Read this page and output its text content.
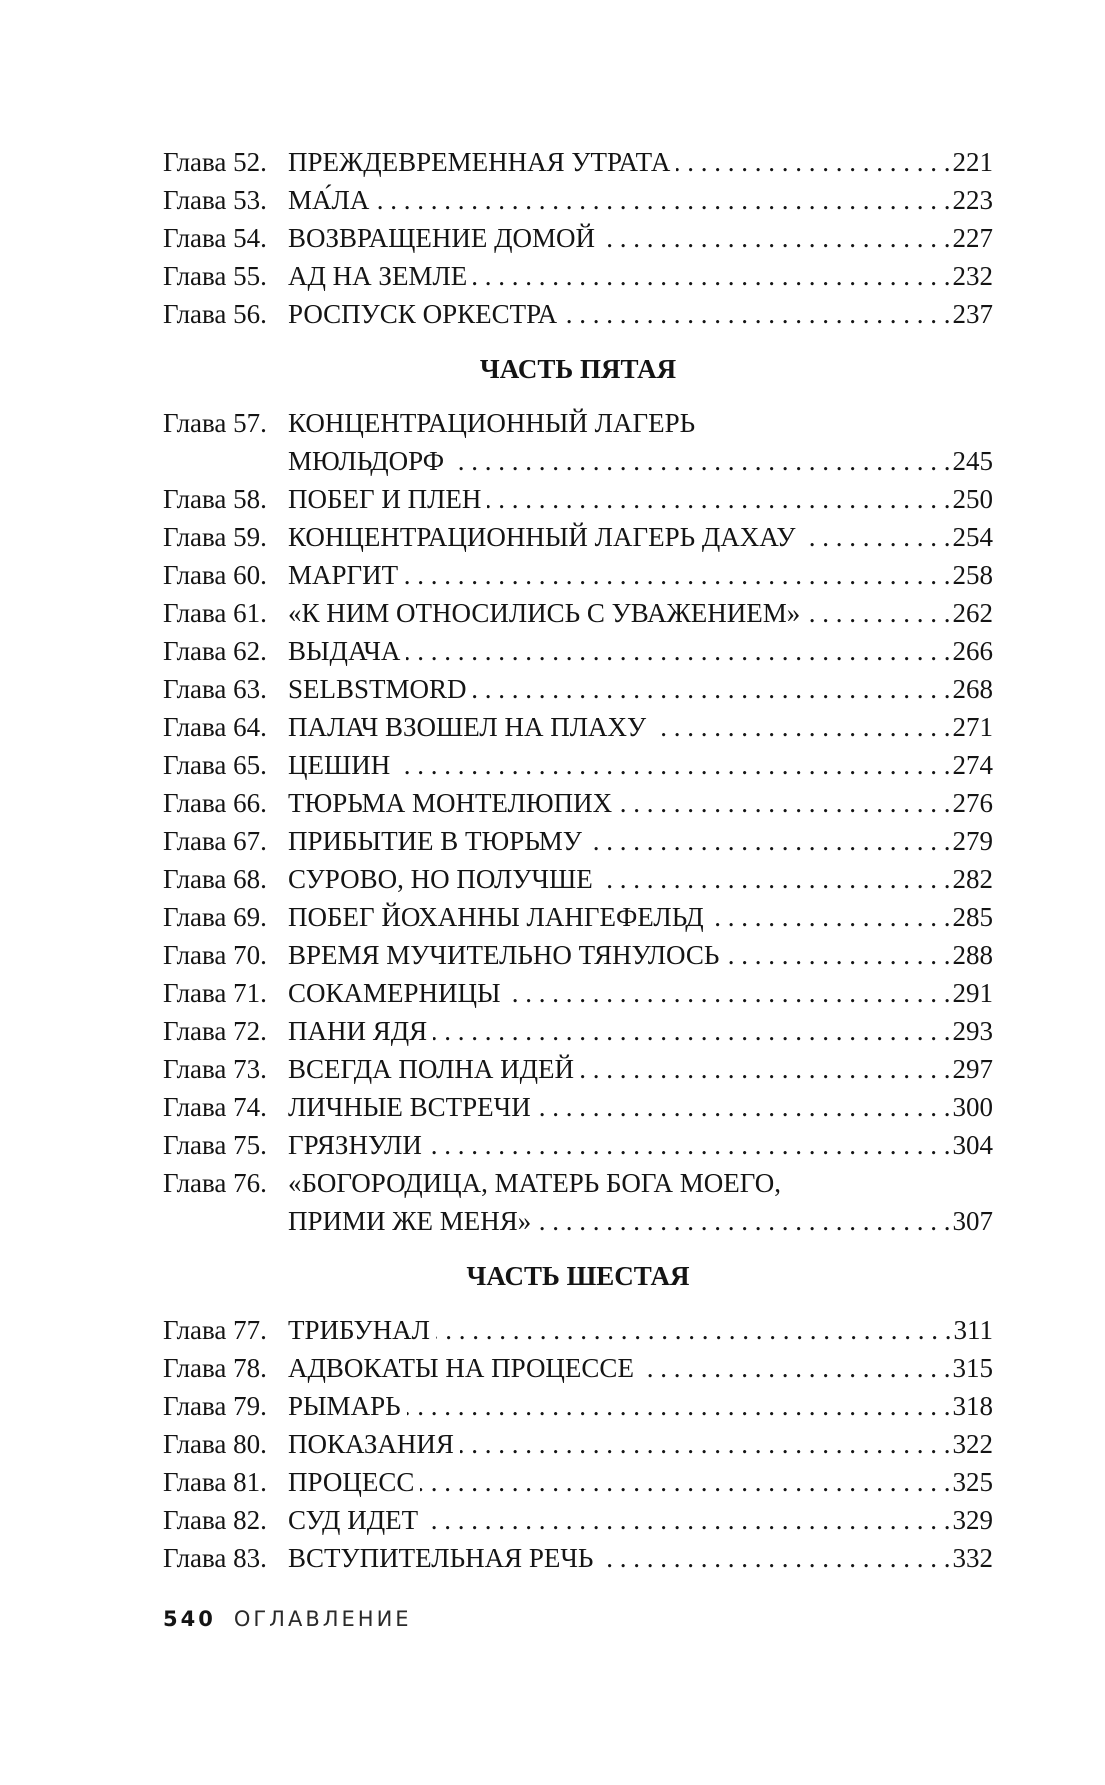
Глава 52. ПРЕЖДЕВРЕМЕННАЯ УТРАТА . . .	221
Глава 53. МА́ЛА . . .	223
Глава 54. ВОЗВРАЩЕНИЕ ДОМОЙ . . .	227
Глава 55. АД НА ЗЕМЛЕ . . .	232
Глава 56. РОСПУСК ОРКЕСТРА . . .	237
ЧАСТЬ ПЯТАЯ
Глава 57. КОНЦЕНТРАЦИОННЫЙ ЛАГЕРЬ
МЮЛЬДОРФ . . .	245
Глава 58. ПОБЕГ И ПЛЕН . . .	250
Глава 59. КОНЦЕНТРАЦИОННЫЙ ЛАГЕРЬ ДАХАУ . . .	254
Глава 60. МАРГИТ . . .	258
Глава 61. «К НИМ ОТНОСИЛИСЬ С УВАЖЕНИЕМ» . . .	262
Глава 62. ВЫДАЧА . . .	266
Глава 63. SELBSTMORD . . .	268
Глава 64. ПАЛАЧ ВЗОШЕЛ НА ПЛАХУ . . .	271
Глава 65. ЦЕШИН . . .	274
Глава 66. ТЮРЬМА МОНТЕЛЮПИХ . . .	276
Глава 67. ПРИБЫТИЕ В ТЮРЬМУ . . .	279
Глава 68. СУРОВО, НО ПОЛУЧШЕ . . .	282
Глава 69. ПОБЕГ ЙОХАННЫ ЛАНГЕФЕЛЬД . . .	285
Глава 70. ВРЕМЯ МУЧИТЕЛЬНО ТЯНУЛОСЬ . . .	288
Глава 71. СОКАМЕРНИЦЫ . . .	291
Глава 72. ПАНИ ЯДЯ . . .	293
Глава 73. ВСЕГДА ПОЛНА ИДЕЙ . . .	297
Глава 74. ЛИЧНЫЕ ВСТРЕЧИ . . .	300
Глава 75. ГРЯЗНУЛИ . . .	304
Глава 76. «БОГОРОДИЦА, МАТЕРЬ БОГА МОЕГО,
ПРИМИ ЖЕ МЕНЯ» . . .	307
ЧАСТЬ ШЕСТАЯ
Глава 77. ТРИБУНАЛ . . .	311
Глава 78. АДВОКАТЫ НА ПРОЦЕССЕ . . .	315
Глава 79. РЫМАРЬ . . .	318
Глава 80. ПОКАЗАНИЯ . . .	322
Глава 81. ПРОЦЕСС . . .	325
Глава 82. СУД ИДЕТ . . .	329
Глава 83. ВСТУПИТЕЛЬНАЯ РЕЧЬ . . .	332
540 ОГЛАВЛЕНИЕ
